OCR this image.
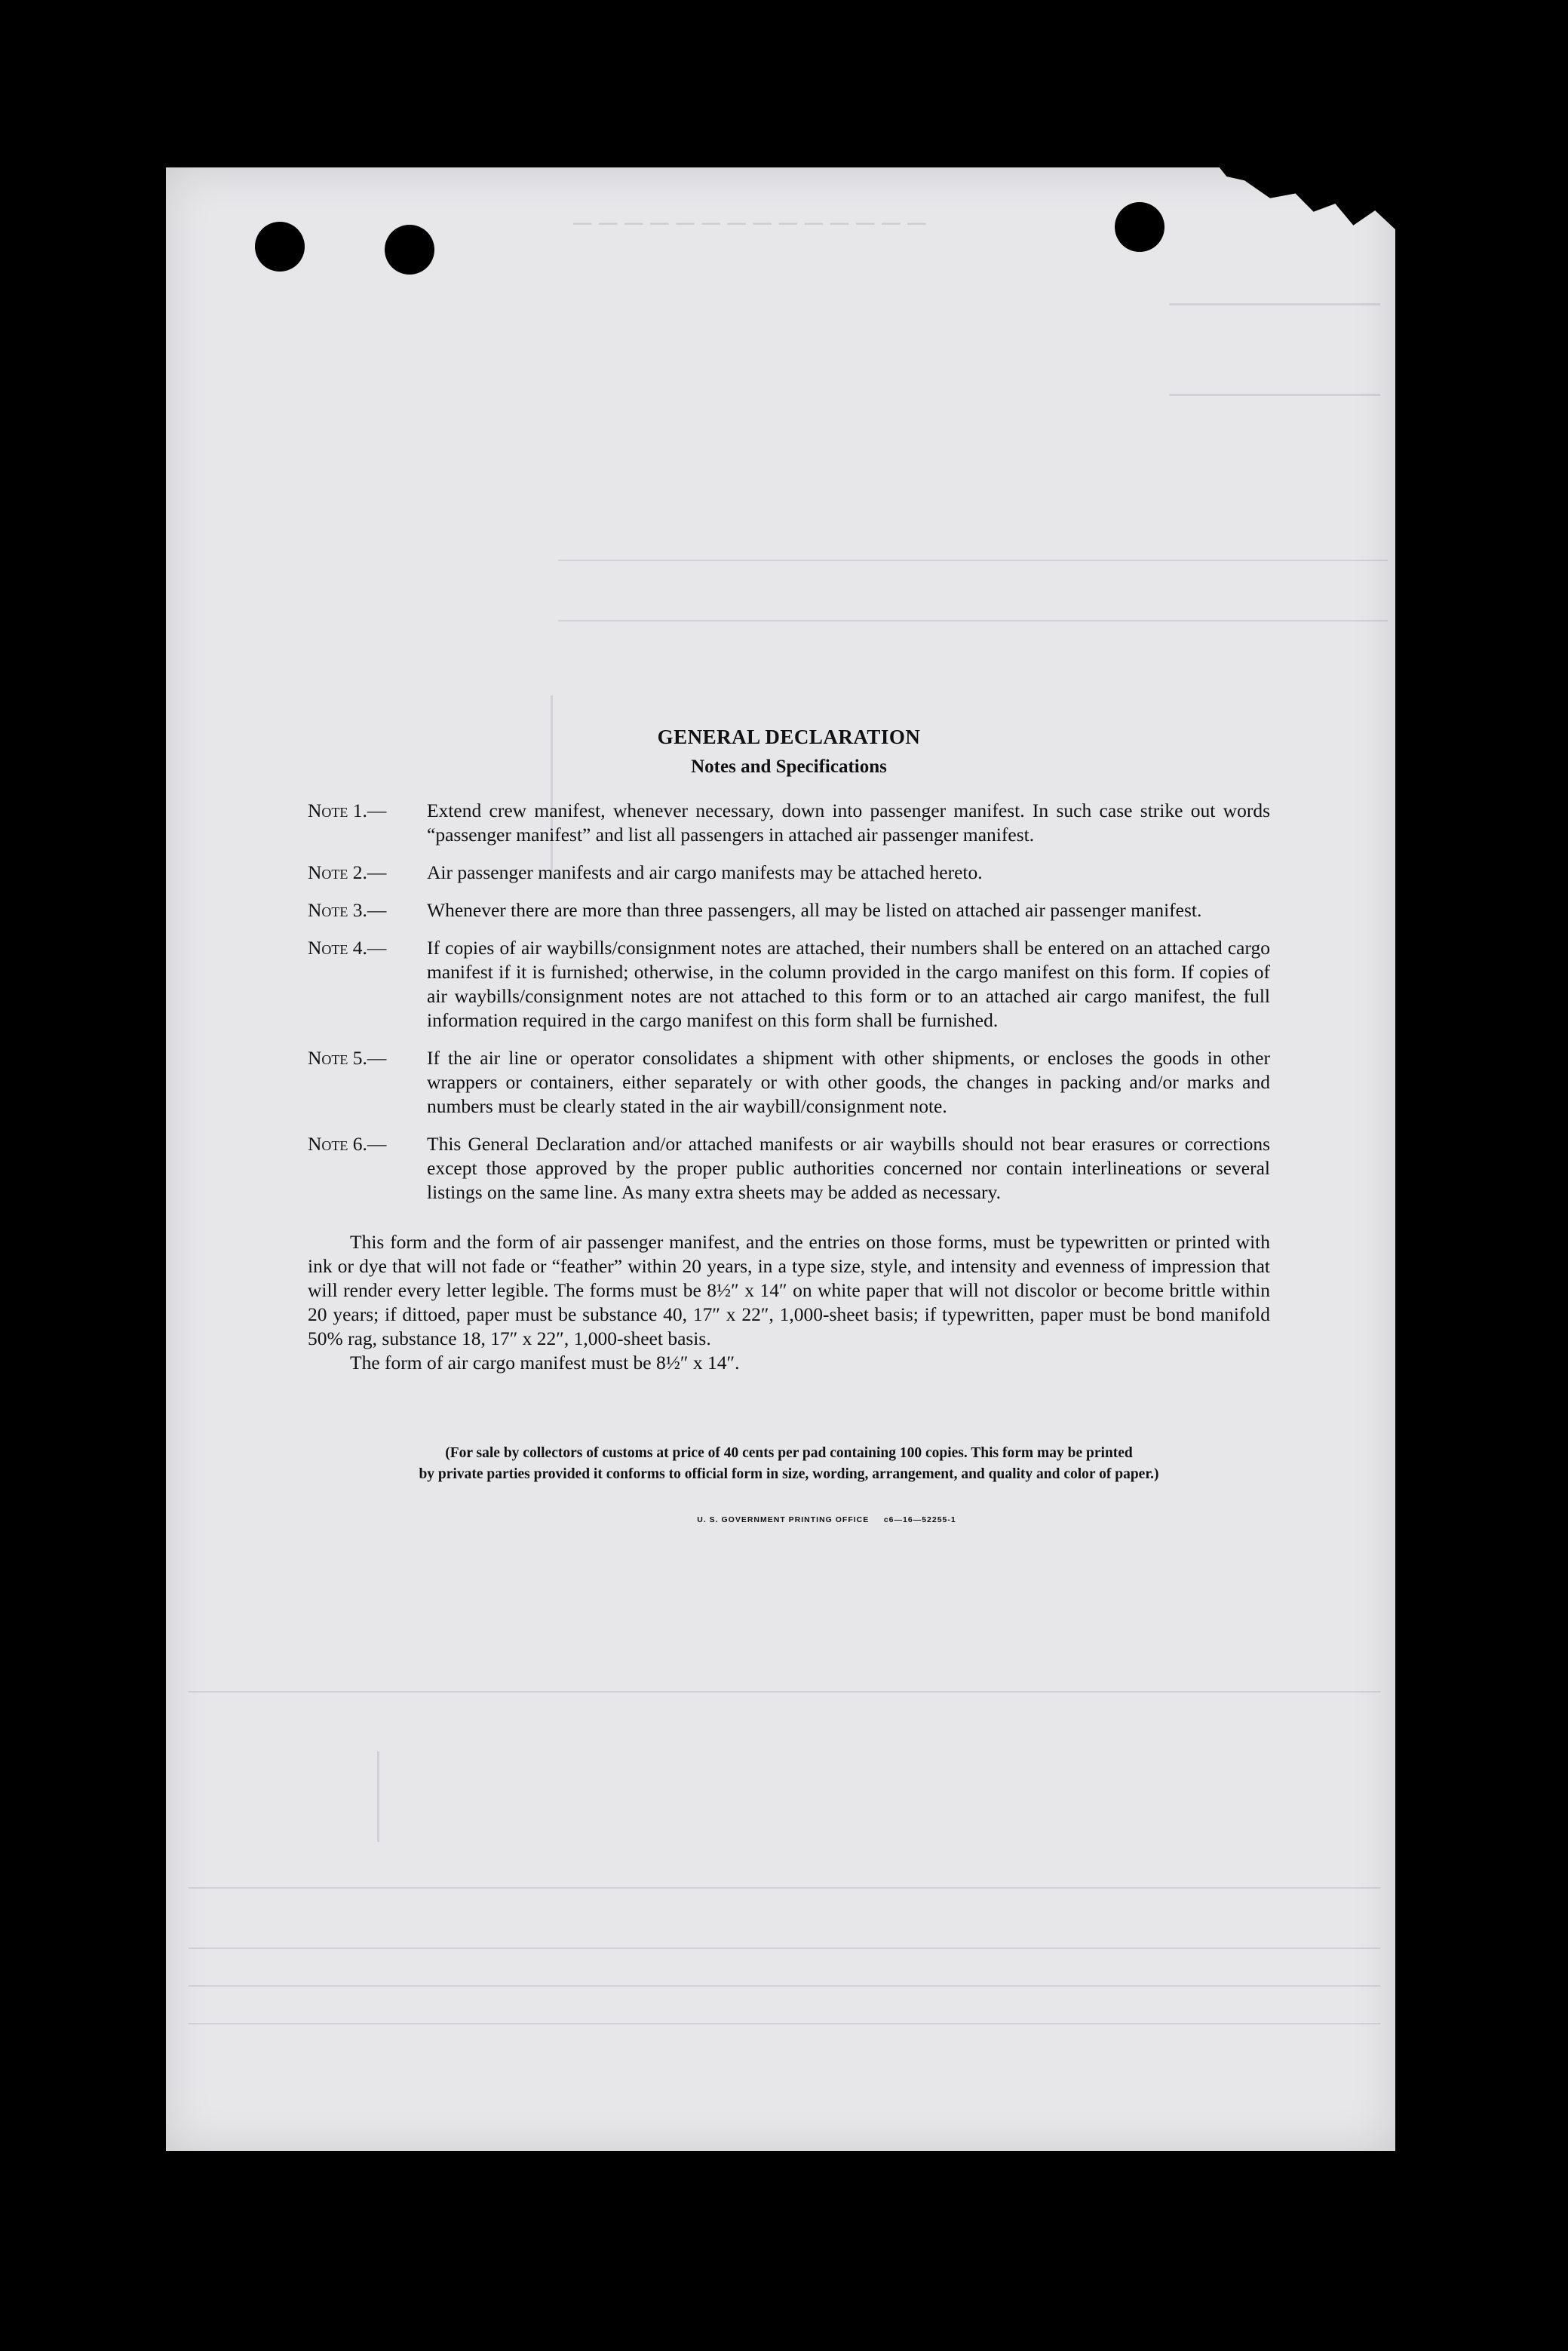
──────────────
GENERAL DECLARATION
Notes and Specifications
Note 1.— Extend crew manifest, whenever necessary, down into passenger manifest. In such case strike out words “passenger manifest” and list all passengers in attached air passenger manifest.
Note 2.— Air passenger manifests and air cargo manifests may be attached hereto.
Note 3.— Whenever there are more than three passengers, all may be listed on attached air passenger manifest.
Note 4.— If copies of air waybills/consignment notes are attached, their numbers shall be entered on an attached cargo manifest if it is furnished; otherwise, in the column provided in the cargo manifest on this form. If copies of air waybills/consignment notes are not attached to this form or to an attached air cargo manifest, the full information required in the cargo manifest on this form shall be furnished.
Note 5.— If the air line or operator consolidates a shipment with other shipments, or encloses the goods in other wrappers or containers, either separately or with other goods, the changes in packing and/or marks and numbers must be clearly stated in the air waybill/consignment note.
Note 6.— This General Declaration and/or attached manifests or air waybills should not bear erasures or corrections except those approved by the proper public authorities concerned nor contain interlineations or several listings on the same line. As many extra sheets may be added as necessary.

This form and the form of air passenger manifest, and the entries on those forms, must be typewritten or printed with ink or dye that will not fade or “feather” within 20 years, in a type size, style, and intensity and evenness of impression that will render every letter legible. The forms must be 8½″ x 14″ on white paper that will not discolor or become brittle within 20 years; if dittoed, paper must be substance 40, 17″ x 22″, 1,000-sheet basis; if typewritten, paper must be bond manifold 50% rag, substance 18, 17″ x 22″, 1,000-sheet basis.

The form of air cargo manifest must be 8½″ x 14″.

(For sale by collectors of customs at price of 40 cents per pad containing 100 copies. This form may be printed
by private parties provided it conforms to official form in size, wording, arrangement, and quality and color of paper.)
U. S. GOVERNMENT PRINTING OFFICE     c6—16—52255-1
